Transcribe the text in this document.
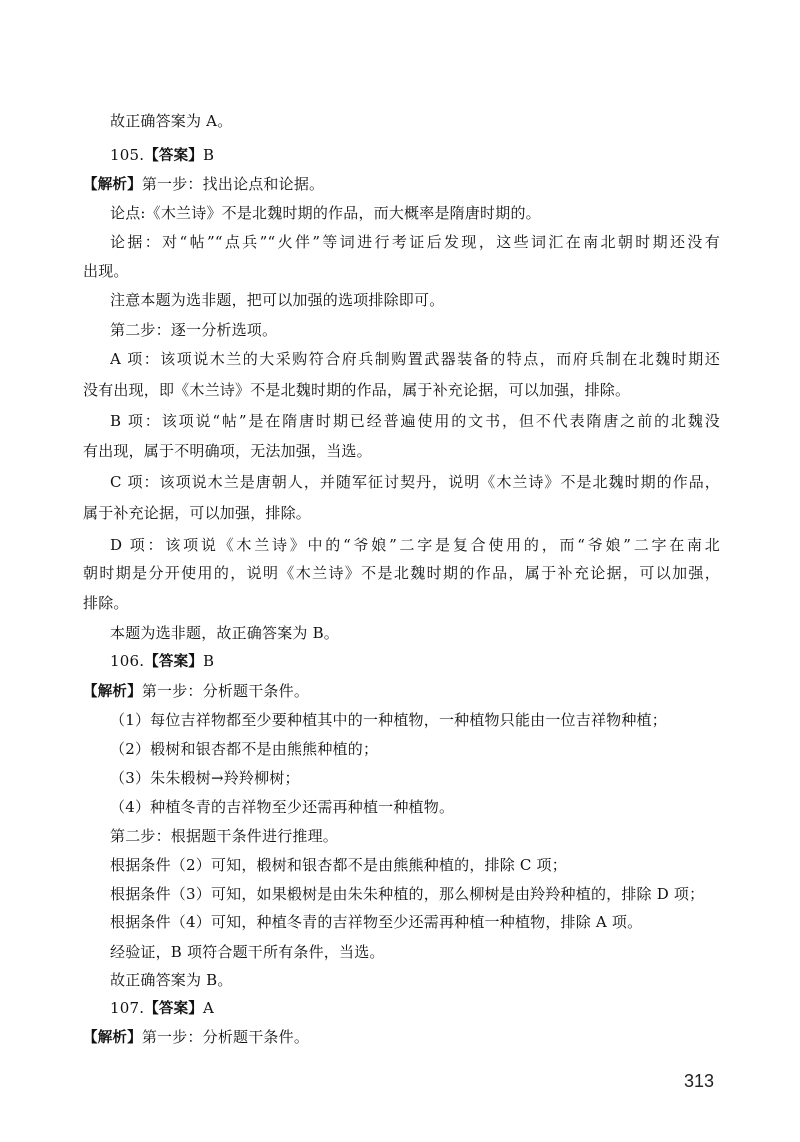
故正确答案为 A。
105.【答案】B
【解析】第一步：找出论点和论据。
论点:《木兰诗》不是北魏时期的作品，而大概率是隋唐时期的。
论据：对“帖”“点兵”“火伴”等词进行考证后发现，这些词汇在南北朝时期还没有
出现。
注意本题为选非题，把可以加强的选项排除即可。
第二步：逐一分析选项。
A 项：该项说木兰的大采购符合府兵制购置武器装备的特点，而府兵制在北魏时期还
没有出现，即《木兰诗》不是北魏时期的作品，属于补充论据，可以加强，排除。
B 项：该项说“帖”是在隋唐时期已经普遍使用的文书，但不代表隋唐之前的北魏没
有出现，属于不明确项，无法加强，当选。
C 项：该项说木兰是唐朝人，并随军征讨契丹，说明《木兰诗》不是北魏时期的作品，
属于补充论据，可以加强，排除。
D 项：该项说《木兰诗》中的“爷娘”二字是复合使用的，而“爷娘”二字在南北
朝时期是分开使用的，说明《木兰诗》不是北魏时期的作品，属于补充论据，可以加强，
排除。
本题为选非题，故正确答案为 B。
106.【答案】B
【解析】第一步：分析题干条件。
（1）每位吉祥物都至少要种植其中的一种植物，一种植物只能由一位吉祥物种植；
（2）椴树和银杏都不是由熊熊种植的；
（3）朱朱椴树→羚羚柳树；
（4）种植冬青的吉祥物至少还需再种植一种植物。
第二步：根据题干条件进行推理。
根据条件（2）可知，椴树和银杏都不是由熊熊种植的，排除 C 项；
根据条件（3）可知，如果椴树是由朱朱种植的，那么柳树是由羚羚种植的，排除 D 项；
根据条件（4）可知，种植冬青的吉祥物至少还需再种植一种植物，排除 A 项。
经验证，B 项符合题干所有条件，当选。
故正确答案为 B。
107.【答案】A
【解析】第一步：分析题干条件。
313
